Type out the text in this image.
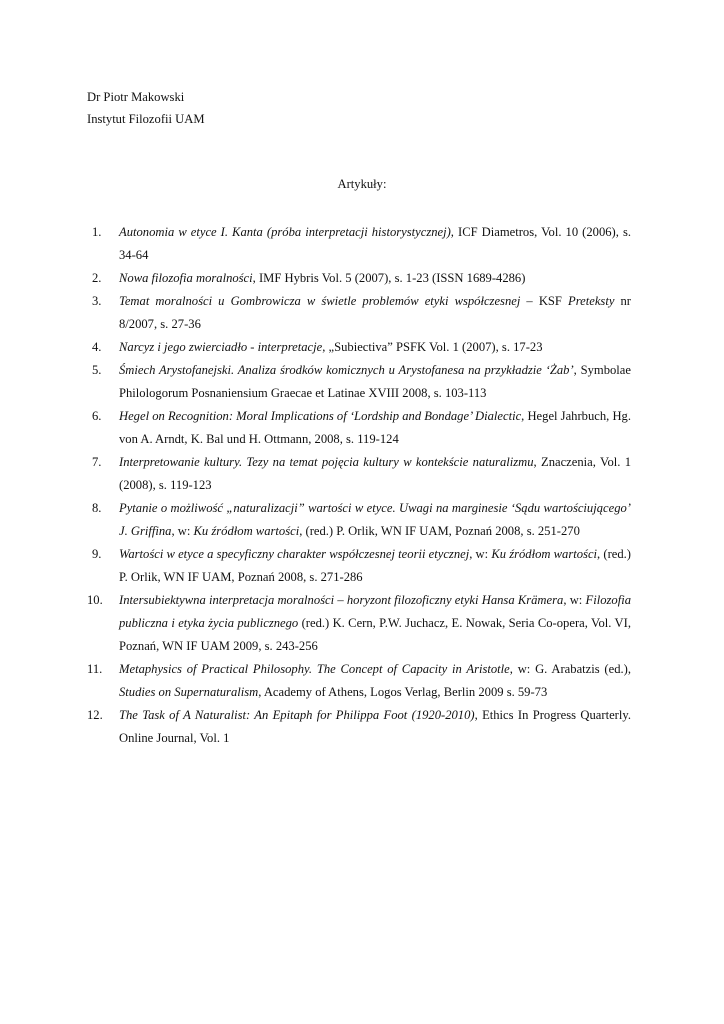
Dr Piotr Makowski
Instytut Filozofii UAM
Artykuły:
1. Autonomia w etyce I. Kanta (próba interpretacji historystycznej), ICF Diametros, Vol. 10 (2006), s. 34-64
2. Nowa filozofia moralności, IMF Hybris Vol. 5 (2007), s. 1-23 (ISSN 1689-4286)
3. Temat moralności u Gombrowicza w świetle problemów etyki współczesnej – KSF Preteksty nr 8/2007, s. 27-36
4. Narcyz i jego zwierciadło - interpretacje, „Subiectiva” PSFK Vol. 1 (2007), s. 17-23
5. Śmiech Arystofanejski. Analiza środków komicznych u Arystofanesa na przykładzie ‘Żab’, Symbolae Philologorum Posnaniensium Graecae et Latinae XVIII 2008, s. 103-113
6. Hegel on Recognition: Moral Implications of ‘Lordship and Bondage’ Dialectic, Hegel Jahrbuch, Hg. von A. Arndt, K. Bal und H. Ottmann, 2008, s. 119-124
7. Interpretowanie kultury. Tezy na temat pojęcia kultury w kontekście naturalizmu, Znaczenia, Vol. 1 (2008), s. 119-123
8. Pytanie o możliwość „naturalizacji” wartości w etyce. Uwagi na marginesie ‘Sądu wartościującego’ J. Griffina, w: Ku źródłom wartości, (red.) P. Orlik, WN IF UAM, Poznań 2008, s. 251-270
9. Wartości w etyce a specyficzny charakter współczesnej teorii etycznej, w: Ku źródłom wartości, (red.) P. Orlik, WN IF UAM, Poznań 2008, s. 271-286
10. Intersubiektywna interpretacja moralności – horyzont filozoficzny etyki Hansa Krämera, w: Filozofia publiczna i etyka życia publicznego (red.) K. Cern, P.W. Juchacz, E. Nowak, Seria Co-opera, Vol. VI, Poznań, WN IF UAM 2009, s. 243-256
11. Metaphysics of Practical Philosophy. The Concept of Capacity in Aristotle, w: G. Arabatzis (ed.), Studies on Supernaturalism, Academy of Athens, Logos Verlag, Berlin 2009 s. 59-73
12. The Task of A Naturalist: An Epitaph for Philippa Foot (1920-2010), Ethics In Progress Quarterly. Online Journal, Vol. 1
